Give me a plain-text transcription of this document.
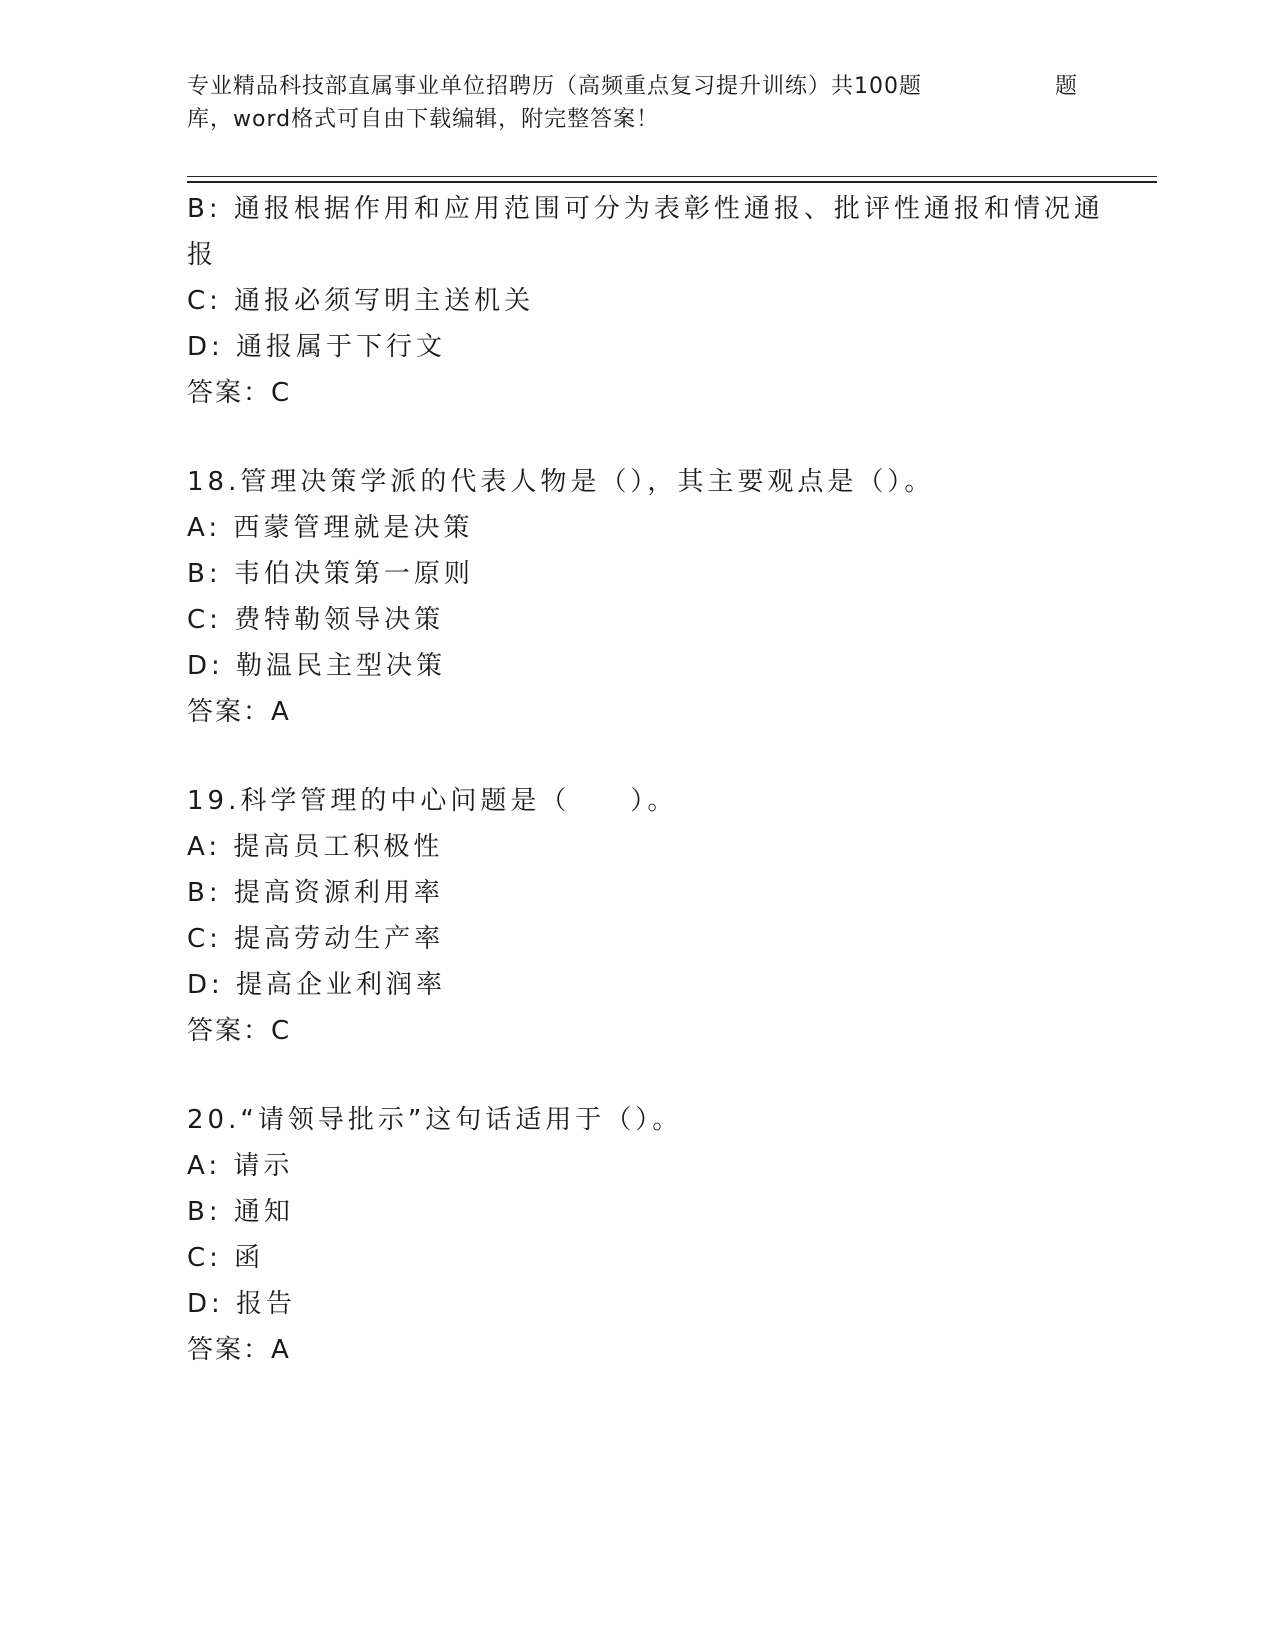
专业精品科技部直属事业单位招聘历（高频重点复习提升训练）共100题	题
库，word格式可自由下载编辑，附完整答案！
B: 通报根据作用和应用范围可分为表彰性通报、批评性通报和情况通
报
C: 通报必须写明主送机关
D: 通报属于下行文
答案：C
18.管理决策学派的代表人物是（），其主要观点是（）。
A: 西蒙管理就是决策
B: 韦伯决策第一原则
C: 费特勒领导决策
D: 勒温民主型决策
答案：A
19.科学管理的中心问题是（　　）。
A: 提高员工积极性
B: 提高资源利用率
C: 提高劳动生产率
D: 提高企业利润率
答案：C
20.“请领导批示”这句话适用于（）。
A: 请示
B: 通知
C: 函
D: 报告
答案：A
